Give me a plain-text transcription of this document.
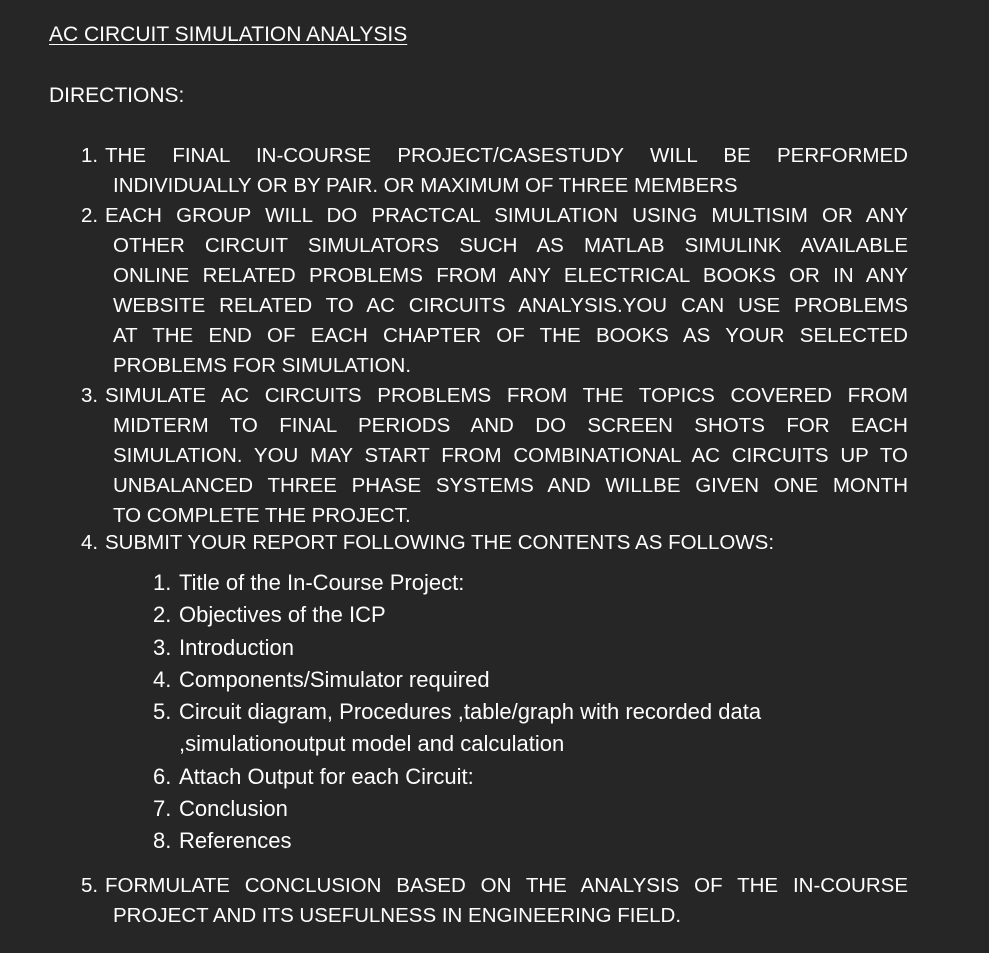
AC CIRCUIT SIMULATION ANALYSIS
DIRECTIONS:
1. THE FINAL IN-COURSE PROJECT/CASESTUDY WILL BE PERFORMED
INDIVIDUALLY OR BY PAIR. OR MAXIMUM OF THREE MEMBERS
2. EACH GROUP WILL DO PRACTCAL SIMULATION USING MULTISIM OR ANY
OTHER CIRCUIT SIMULATORS SUCH AS MATLAB SIMULINK AVAILABLE
ONLINE RELATED PROBLEMS FROM ANY ELECTRICAL BOOKS OR IN ANY
WEBSITE RELATED TO AC CIRCUITS ANALYSIS.YOU CAN USE PROBLEMS
AT THE END OF EACH CHAPTER OF THE BOOKS AS YOUR SELECTED
PROBLEMS FOR SIMULATION.
3. SIMULATE AC CIRCUITS PROBLEMS FROM THE TOPICS COVERED FROM
MIDTERM TO FINAL PERIODS AND DO SCREEN SHOTS FOR EACH
SIMULATION. YOU MAY START FROM COMBINATIONAL AC CIRCUITS UP TO
UNBALANCED THREE PHASE SYSTEMS AND WILLBE GIVEN ONE MONTH
TO COMPLETE THE PROJECT.
4. SUBMIT YOUR REPORT FOLLOWING THE CONTENTS AS FOLLOWS:
1. Title of the In-Course Project:
2. Objectives of the ICP
3. Introduction
4. Components/Simulator required
5. Circuit diagram, Procedures ,table/graph with recorded data
,simulationoutput model and calculation
6. Attach Output for each Circuit:
7. Conclusion
8. References
5. FORMULATE CONCLUSION BASED ON THE ANALYSIS OF THE IN-COURSE
PROJECT AND ITS USEFULNESS IN ENGINEERING FIELD.
